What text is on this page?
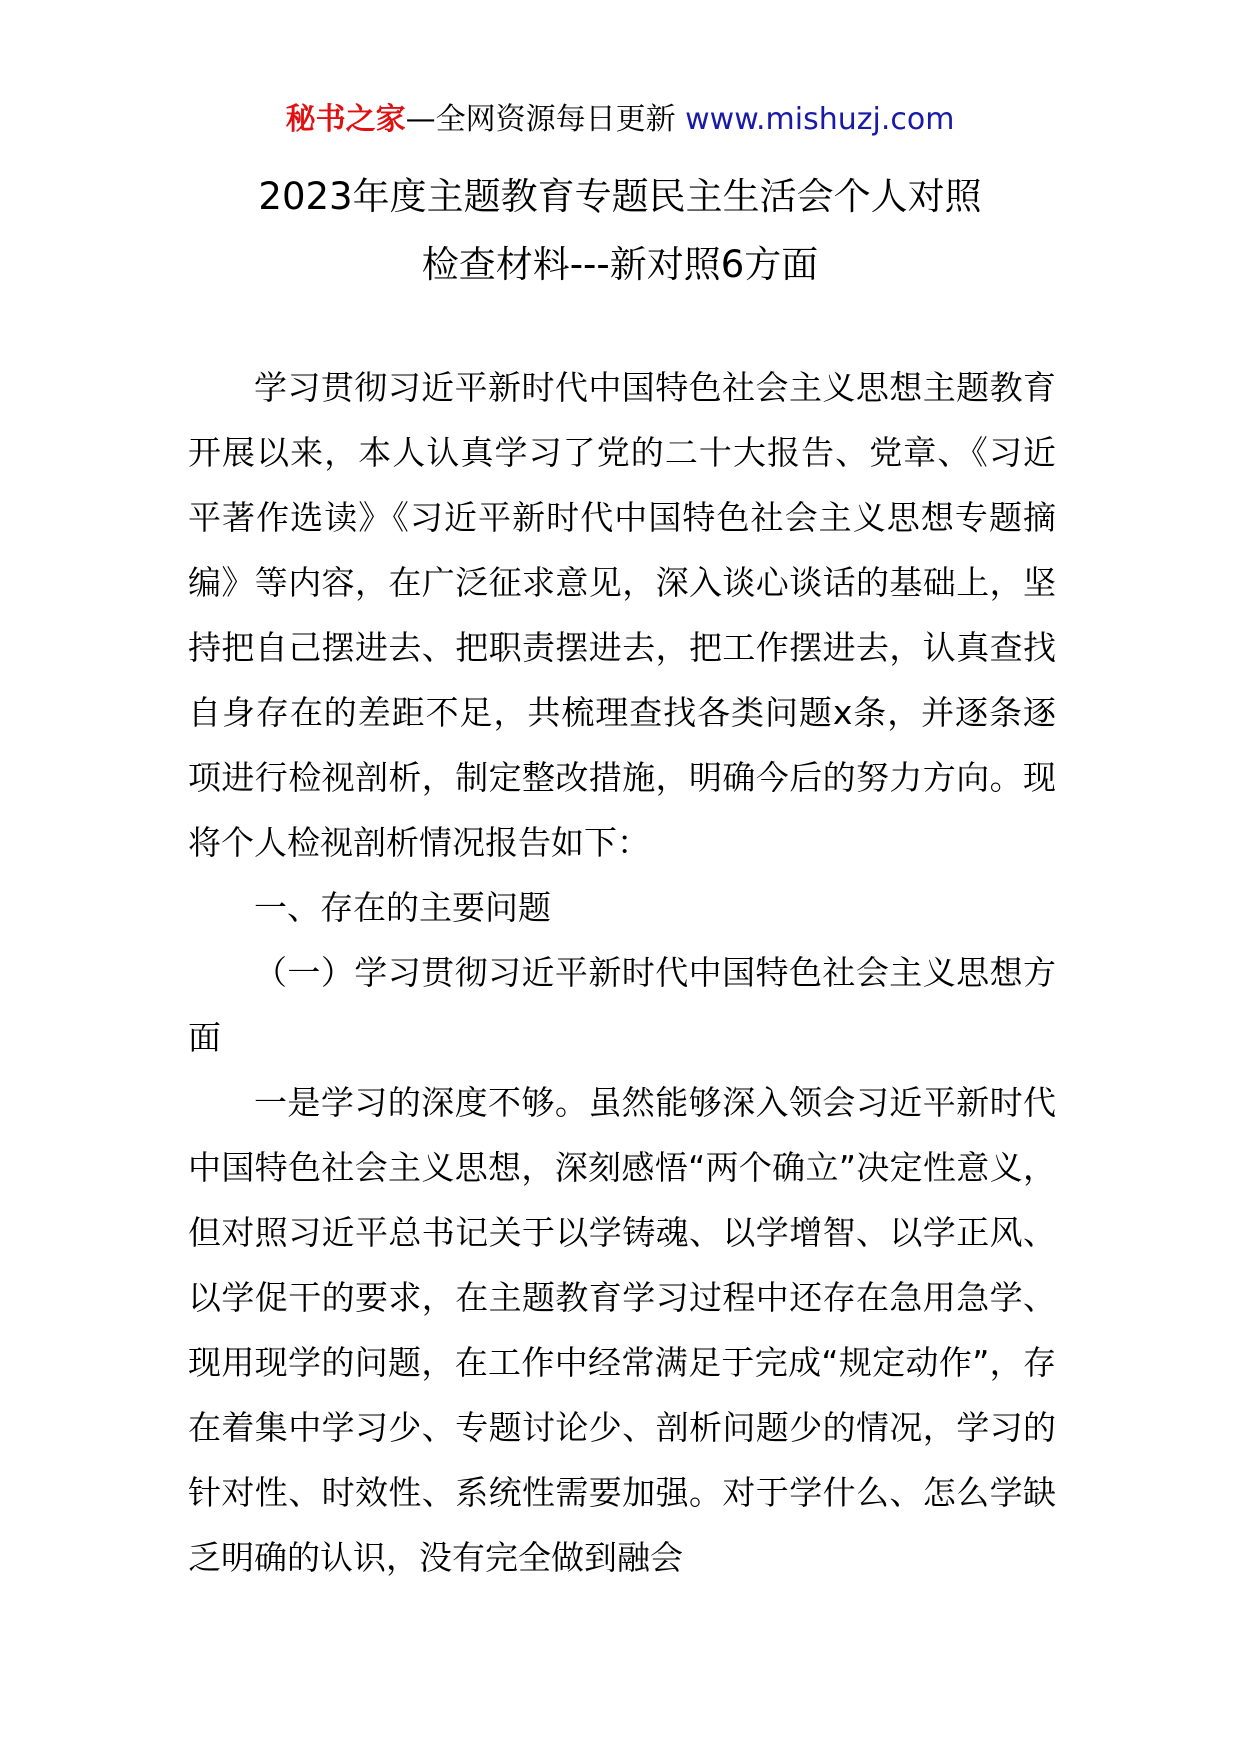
秘书之家—全网资源每日更新 www.mishuzj.com
2023年度主题教育专题民主生活会个人对照
检查材料---新对照6方面

学习贯彻习近平新时代中国特色社会主义思想主题教育开展以来，本人认真学习了党的二十大报告、党章、《习近平著作选读》《习近平新时代中国特色社会主义思想专题摘编》等内容，在广泛征求意见，深入谈心谈话的基础上，坚持把自己摆进去、把职责摆进去，把工作摆进去，认真查找自身存在的差距不足，共梳理查找各类问题x条，并逐条逐项进行检视剖析，制定整改措施，明确今后的努力方向。现将个人检视剖析情况报告如下：

一、存在的主要问题

（一）学习贯彻习近平新时代中国特色社会主义思想方面

一是学习的深度不够。虽然能够深入领会习近平新时代中国特色社会主义思想，深刻感悟“两个确立”决定性意义，但对照习近平总书记关于以学铸魂、以学增智、以学正风、以学促干的要求，在主题教育学习过程中还存在急用急学、现用现学的问题，在工作中经常满足于完成“规定动作”，存在着集中学习少、专题讨论少、剖析问题少的情况，学习的针对性、时效性、系统性需要加强。对于学什么、怎么学缺乏明确的认识，没有完全做到融会
